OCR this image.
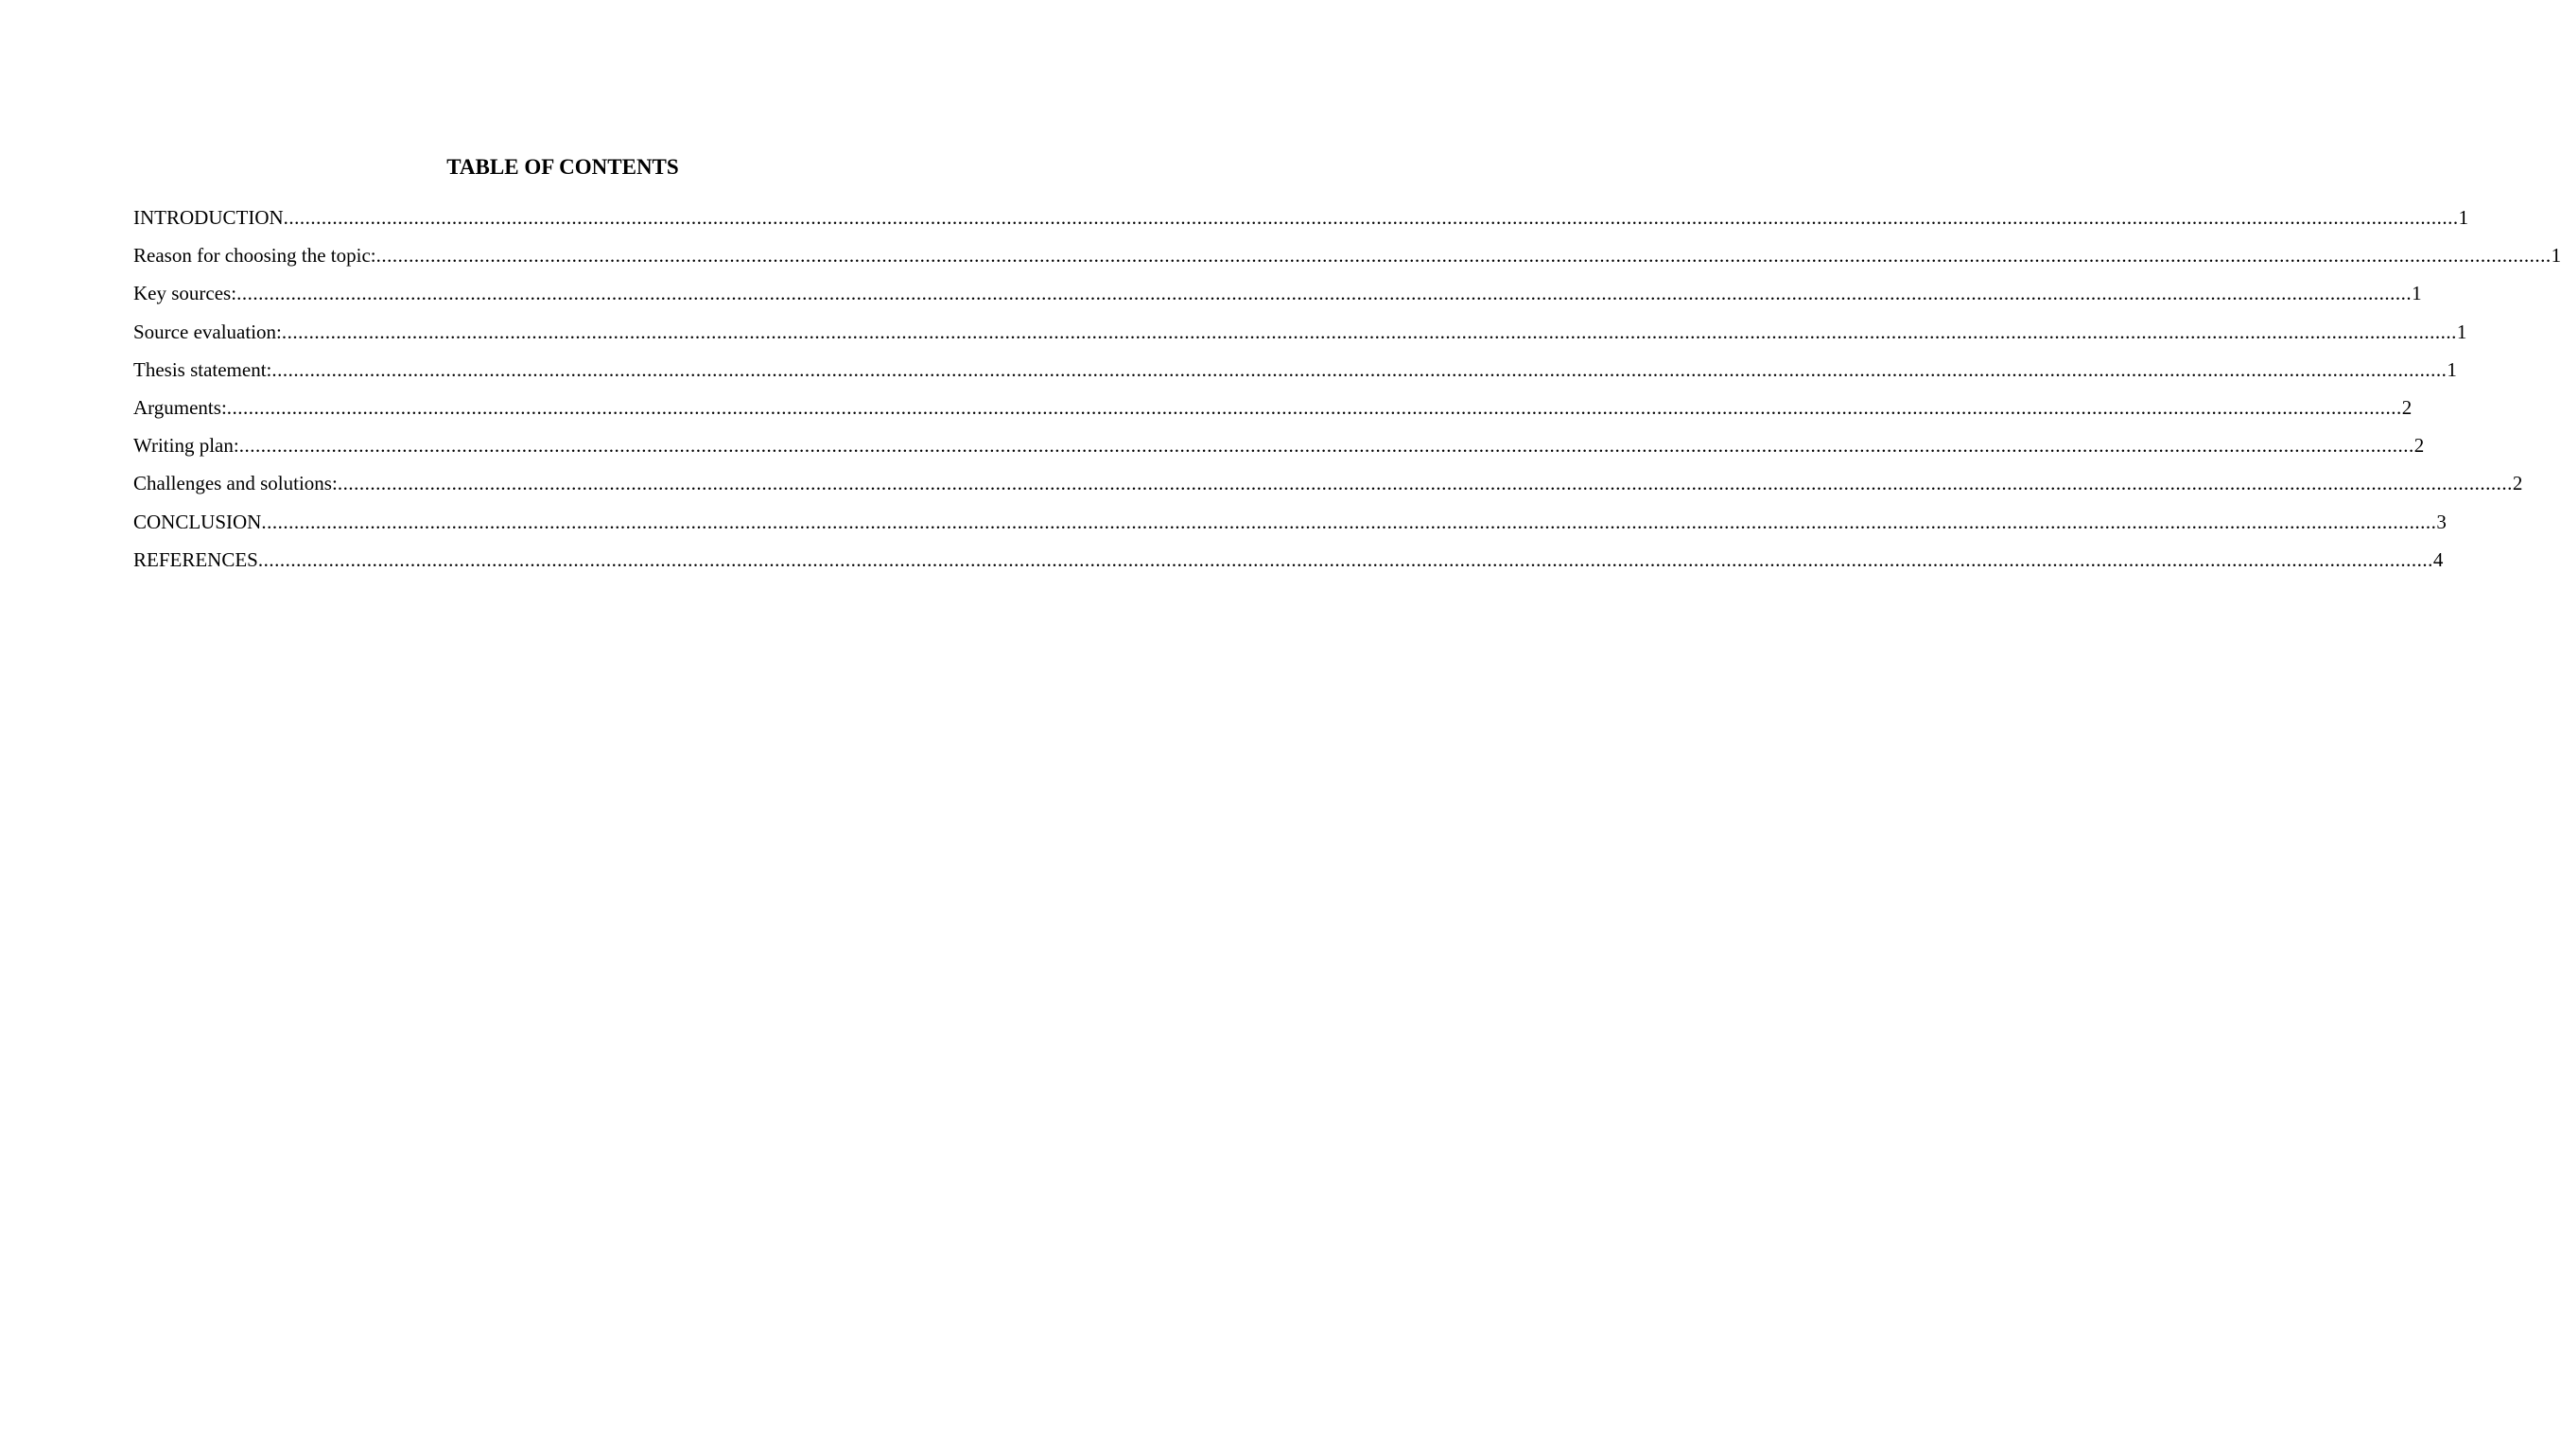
TABLE OF CONTENTS
INTRODUCTION ................................................................................................................................................................................................................................................................................................................................................................................................................ 1
Reason for choosing the topic: ................................................................................................................................................................................................................................................................................................................................................................................................................ 1
Key sources: ................................................................................................................................................................................................................................................................................................................................................................................................................ 1
Source evaluation: ................................................................................................................................................................................................................................................................................................................................................................................................................ 1
Thesis statement: ................................................................................................................................................................................................................................................................................................................................................................................................................ 1
Arguments: ................................................................................................................................................................................................................................................................................................................................................................................................................ 2
Writing plan: ................................................................................................................................................................................................................................................................................................................................................................................................................ 2
Challenges and solutions: ................................................................................................................................................................................................................................................................................................................................................................................................................ 2
CONCLUSION ................................................................................................................................................................................................................................................................................................................................................................................................................ 3
REFERENCES ................................................................................................................................................................................................................................................................................................................................................................................................................ 4
